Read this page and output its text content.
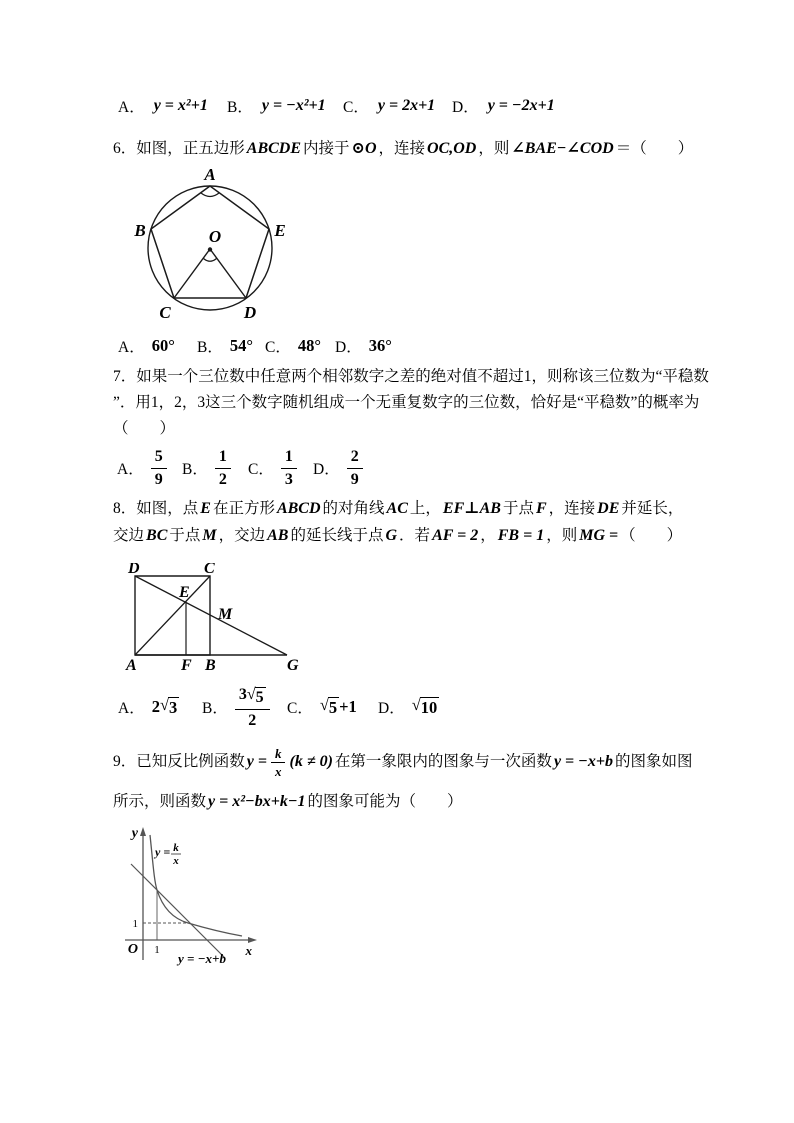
A． y = x²+1 B． y = −x²+1 C． y = 2x+1 D． y = −2x+1
6．如图，正五边形 ABCDE 内接于 ⊙O ，连接 OC,OD ，则 ∠BAE−∠COD ＝（　　）
A
B	E
O
C	D
A． 60° B． 54° C． 48° D． 36°
7．如果一个三位数中任意两个相邻数字之差的绝对值不超过1，则称该三位数为“平稳数
”．用1，2，3这三个数字随机组成一个无重复数字的三位数，恰好是“平稳数”的概率为
（　　）
A． $\frac{5}{9}$ B． $\frac{1}{2}$ C． $\frac{1}{3}$ D． $\frac{2}{9}$
8．如图，点 E 在正方形 ABCD 的对角线 AC 上， EF⊥AB 于点 F ，连接 DE 并延长，
交边 BC 于点 M ，交边 AB 的延长线于点 G ．若 AF = 2 ， FB = 1 ，则 MG = （　　）
D	C
E
M
A	F B	G
A． 2 √ 3 B． $\frac{3 √ 5}{2}$ C． √ 5 +1 D． √ 10
9．已知反比例函数 $y = \frac{k}{x} (k \ne 0)$ 在第一象限内的图象与一次函数 y = −x+b 的图象如图
所示，则函数 y = x²−bx+k−1 的图象可能为（　　）
y
x
O 1
1
y = k
x
y = −x+b
